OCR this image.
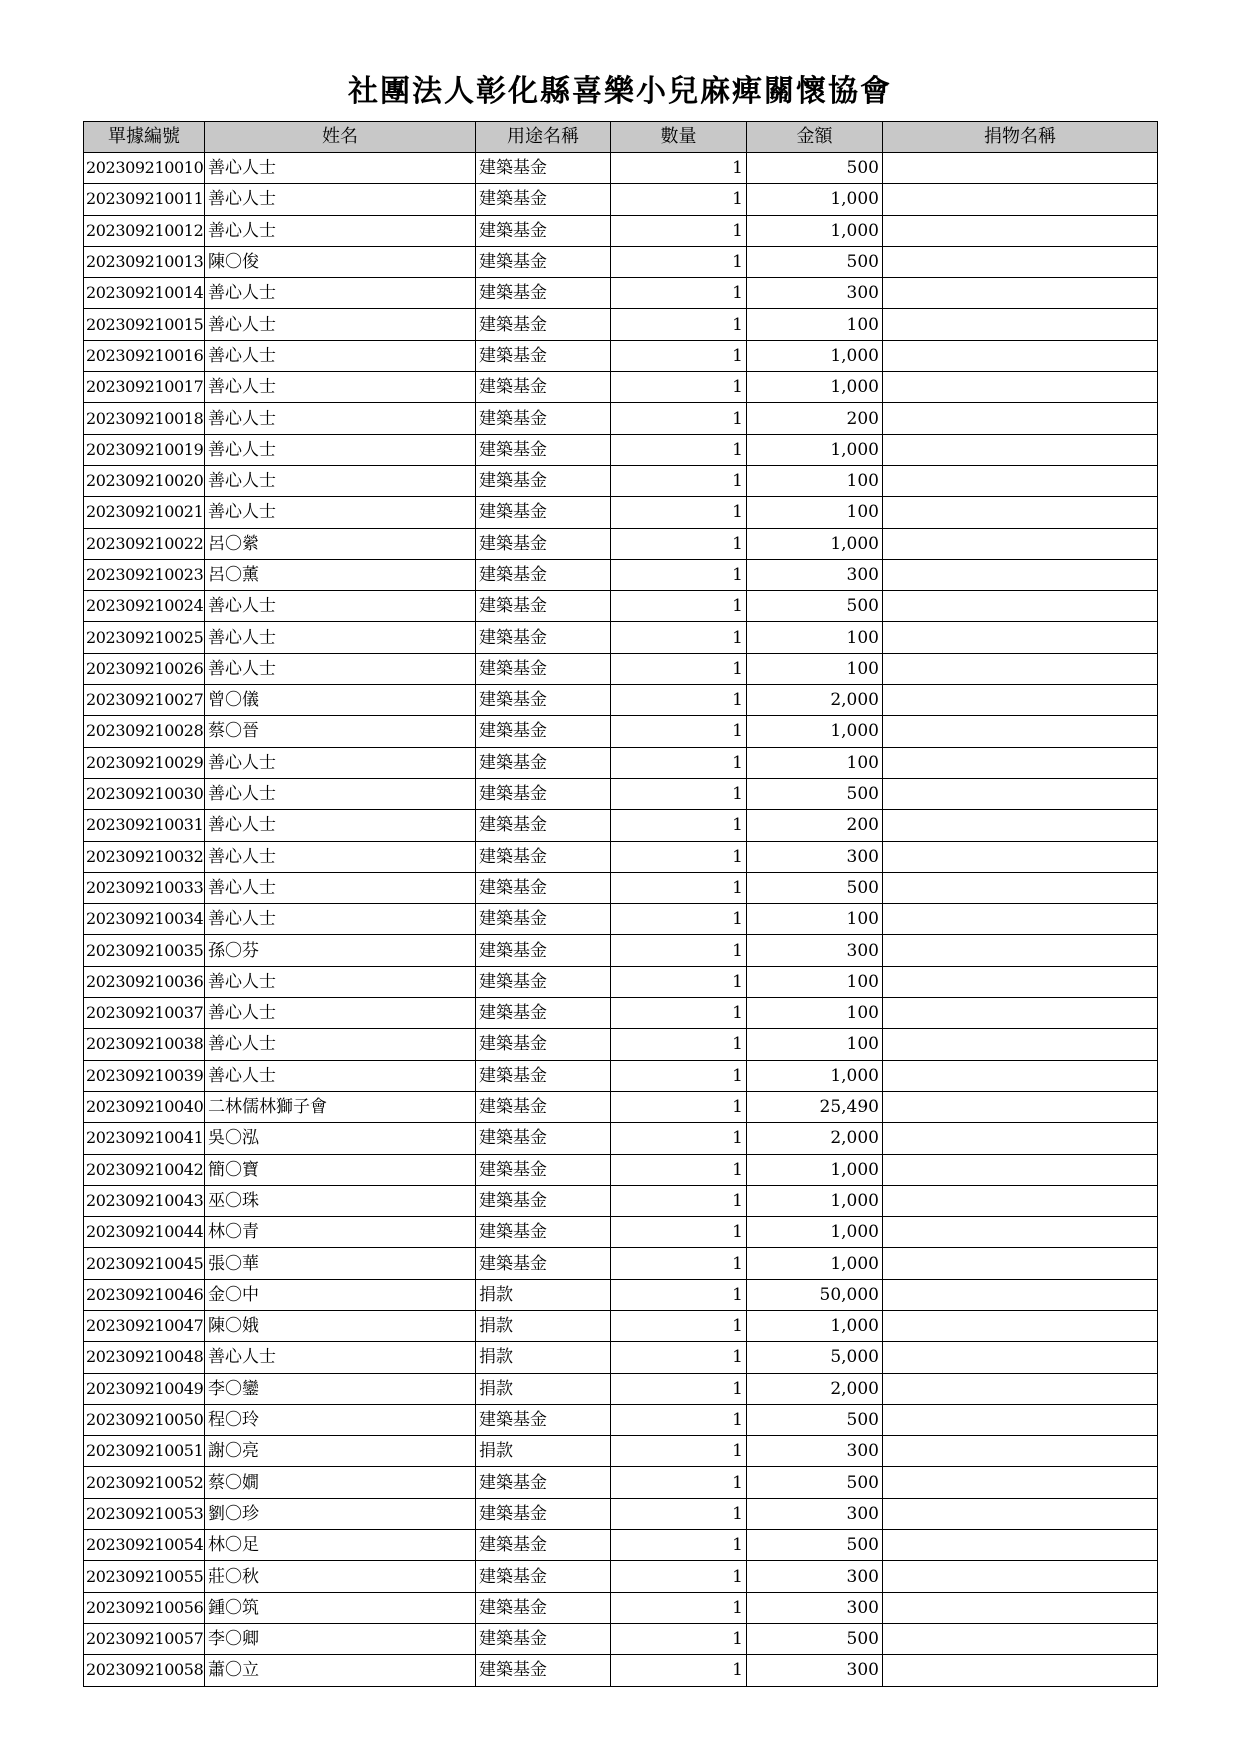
社團法人彰化縣喜樂小兒麻痺關懷協會
單據編號	姓名	用途名稱	數量	金額	捐物名稱
202309210010	善心人士	建築基金	1	500	
202309210011	善心人士	建築基金	1	1,000	
202309210012	善心人士	建築基金	1	1,000	
202309210013	陳〇俊	建築基金	1	500	
202309210014	善心人士	建築基金	1	300	
202309210015	善心人士	建築基金	1	100	
202309210016	善心人士	建築基金	1	1,000	
202309210017	善心人士	建築基金	1	1,000	
202309210018	善心人士	建築基金	1	200	
202309210019	善心人士	建築基金	1	1,000	
202309210020	善心人士	建築基金	1	100	
202309210021	善心人士	建築基金	1	100	
202309210022	呂〇縈	建築基金	1	1,000	
202309210023	呂〇薰	建築基金	1	300	
202309210024	善心人士	建築基金	1	500	
202309210025	善心人士	建築基金	1	100	
202309210026	善心人士	建築基金	1	100	
202309210027	曾〇儀	建築基金	1	2,000	
202309210028	蔡〇晉	建築基金	1	1,000	
202309210029	善心人士	建築基金	1	100	
202309210030	善心人士	建築基金	1	500	
202309210031	善心人士	建築基金	1	200	
202309210032	善心人士	建築基金	1	300	
202309210033	善心人士	建築基金	1	500	
202309210034	善心人士	建築基金	1	100	
202309210035	孫〇芬	建築基金	1	300	
202309210036	善心人士	建築基金	1	100	
202309210037	善心人士	建築基金	1	100	
202309210038	善心人士	建築基金	1	100	
202309210039	善心人士	建築基金	1	1,000	
202309210040	二林儒林獅子會	建築基金	1	25,490	
202309210041	吳〇泓	建築基金	1	2,000	
202309210042	簡〇寶	建築基金	1	1,000	
202309210043	巫〇珠	建築基金	1	1,000	
202309210044	林〇青	建築基金	1	1,000	
202309210045	張〇華	建築基金	1	1,000	
202309210046	金〇中	捐款	1	50,000	
202309210047	陳〇娥	捐款	1	1,000	
202309210048	善心人士	捐款	1	5,000	
202309210049	李〇鑾	捐款	1	2,000	
202309210050	程〇玲	建築基金	1	500	
202309210051	謝〇亮	捐款	1	300	
202309210052	蔡〇嫺	建築基金	1	500	
202309210053	劉〇珍	建築基金	1	300	
202309210054	林〇足	建築基金	1	500	
202309210055	莊〇秋	建築基金	1	300	
202309210056	鍾〇筑	建築基金	1	300	
202309210057	李〇卿	建築基金	1	500	
202309210058	蕭〇立	建築基金	1	300	
